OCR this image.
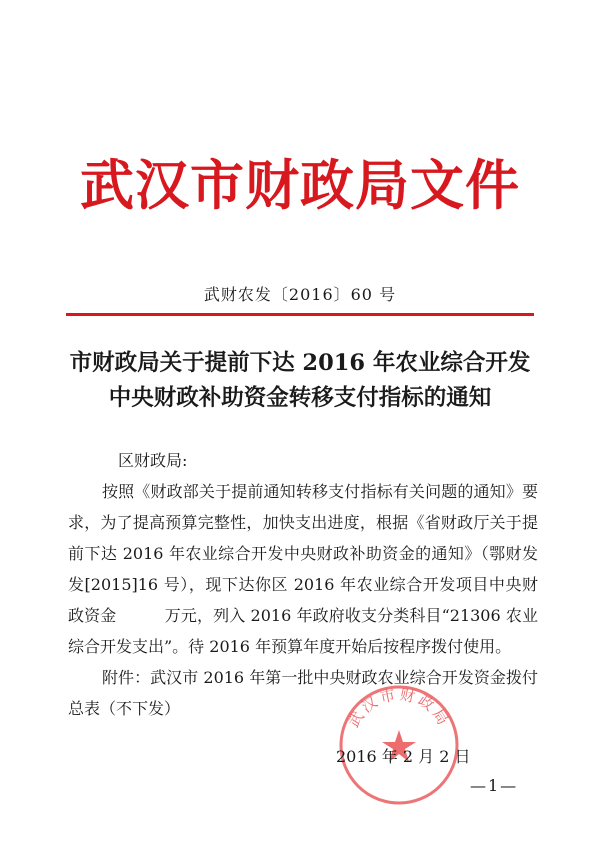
武汉市财政局文件
武财农发〔2016〕60 号
市财政局关于提前下达 2016 年农业综合开发
中央财政补助资金转移支付指标的通知

区财政局:

按照《财政部关于提前通知转移支付指标有关问题的通知》要求，为了提高预算完整性，加快支出进度，根据《省财政厅关于提前下达 2016 年农业综合开发中央财政补助资金的通知》（鄂财发发[2015]16 号），现下达你区 2016 年农业综合开发项目中央财政资金　　　万元，列入 2016 年政府收支分类科目“21306 农业综合开发支出”。待 2016 年预算年度开始后按程序拨付使用。

附件：武汉市 2016 年第一批中央财政农业综合开发资金拨付总表（不下发）	武汉市财政局
2016 年 2 月 2 日
—1—
